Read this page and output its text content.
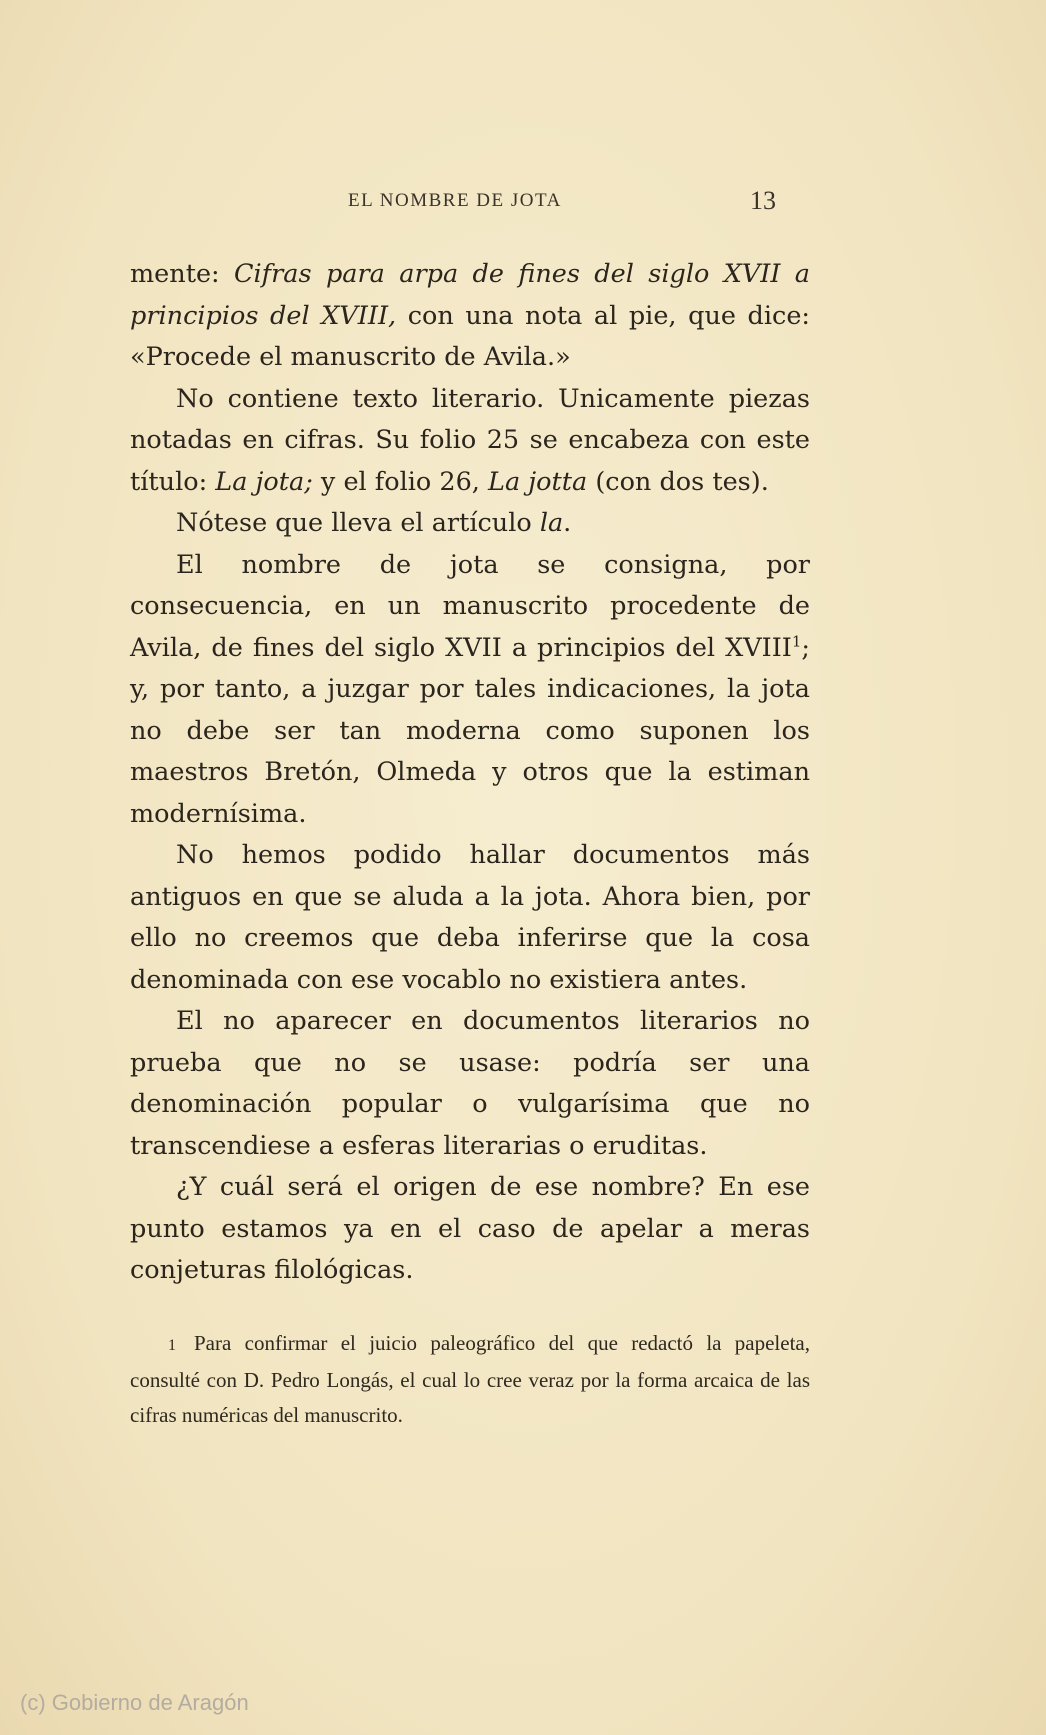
EL NOMBRE DE JOTA	13

mente: Cifras para arpa de fines del siglo XVII a principios del XVIII, con una nota al pie, que dice: «Procede el manuscrito de Avila.»

No contiene texto literario. Unicamente piezas notadas en cifras. Su folio 25 se encabeza con este título: La jota; y el folio 26, La jotta (con dos tes).

Nótese que lleva el artículo la.

El nombre de jota se consigna, por consecuencia, en un manuscrito procedente de Avila, de fines del siglo XVII a principios del XVIII$^1$; y, por tanto, a juzgar por tales indicaciones, la jota no debe ser tan moderna como suponen los maestros Bretón, Olmeda y otros que la estiman modernísima.

No hemos podido hallar documentos más antiguos en que se aluda a la jota. Ahora bien, por ello no creemos que deba inferirse que la cosa denominada con ese vocablo no existiera antes.

El no aparecer en documentos literarios no prueba que no se usase: podría ser una denominación popular o vulgarísima que no transcendiese a esferas literarias o eruditas.

¿Y cuál será el origen de ese nombre? En ese punto estamos ya en el caso de apelar a meras conjeturas filológicas.

1 Para confirmar el juicio paleográfico del que redactó la papeleta, consulté con D. Pedro Longás, el cual lo cree veraz por la forma arcaica de las cifras numéricas del manuscrito.
(c) Gobierno de Aragón
